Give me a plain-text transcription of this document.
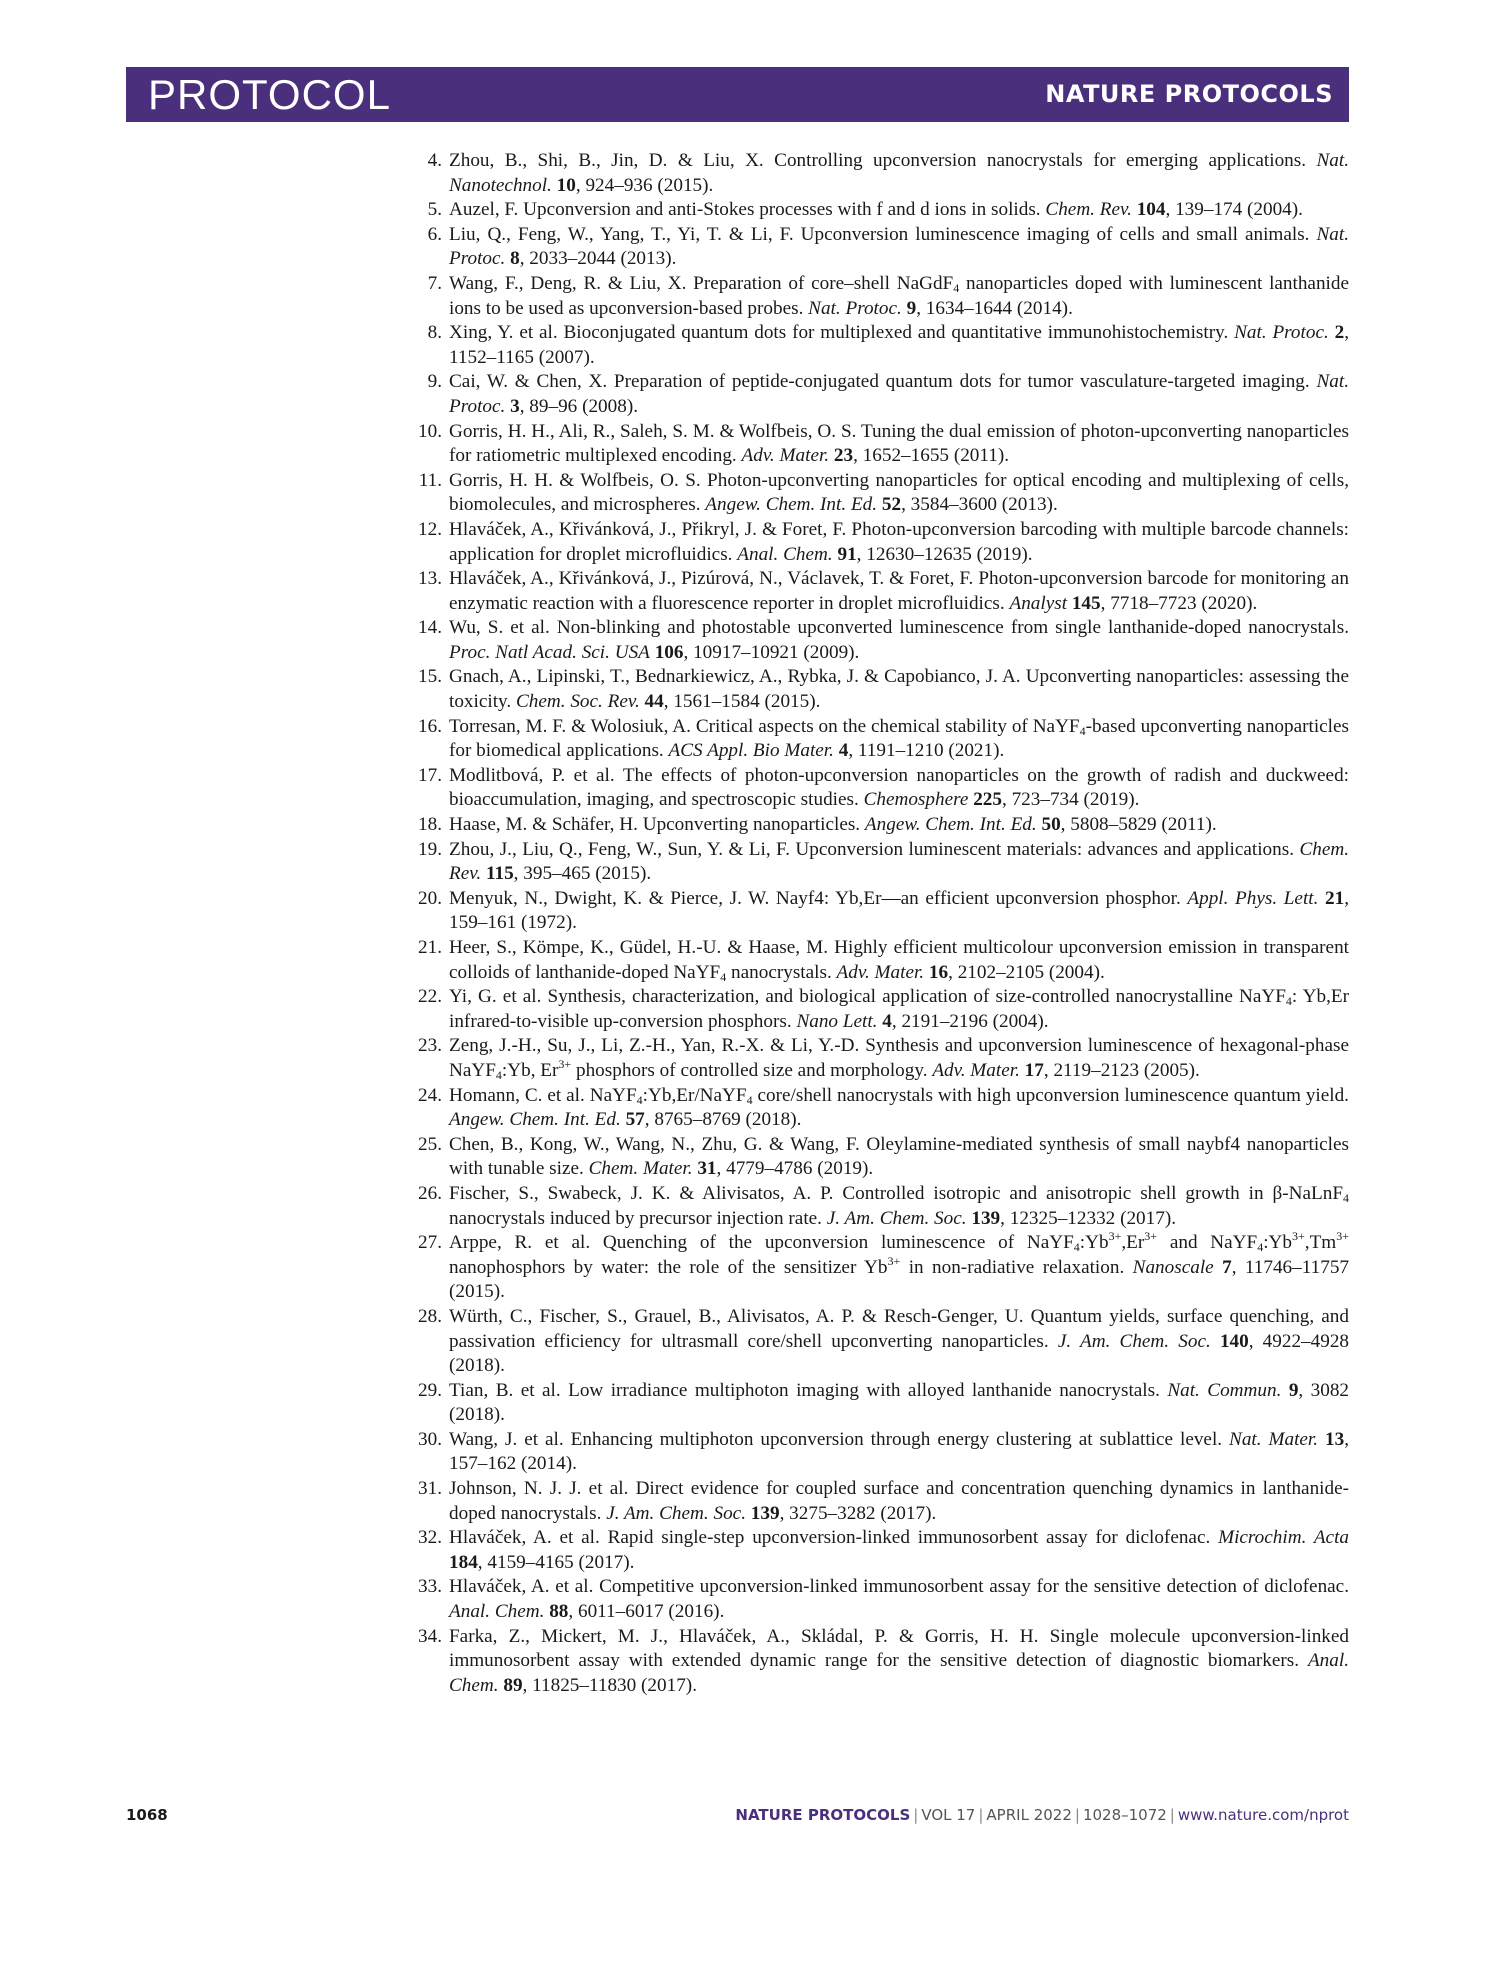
PROTOCOL	NATURE PROTOCOLS
4. Zhou, B., Shi, B., Jin, D. & Liu, X. Controlling upconversion nanocrystals for emerging applications. Nat. Nanotechnol. 10, 924–936 (2015).
5. Auzel, F. Upconversion and anti-Stokes processes with f and d ions in solids. Chem. Rev. 104, 139–174 (2004).
6. Liu, Q., Feng, W., Yang, T., Yi, T. & Li, F. Upconversion luminescence imaging of cells and small animals. Nat. Protoc. 8, 2033–2044 (2013).
7. Wang, F., Deng, R. & Liu, X. Preparation of core–shell NaGdF$_4$ nanoparticles doped with luminescent lanthanide ions to be used as upconversion-based probes. Nat. Protoc. 9, 1634–1644 (2014).
8. Xing, Y. et al. Bioconjugated quantum dots for multiplexed and quantitative immunohistochemistry. Nat. Protoc. 2, 1152–1165 (2007).
9. Cai, W. & Chen, X. Preparation of peptide-conjugated quantum dots for tumor vasculature-targeted imaging. Nat. Protoc. 3, 89–96 (2008).
10. Gorris, H. H., Ali, R., Saleh, S. M. & Wolfbeis, O. S. Tuning the dual emission of photon-upconverting nanoparticles for ratiometric multiplexed encoding. Adv. Mater. 23, 1652–1655 (2011).
11. Gorris, H. H. & Wolfbeis, O. S. Photon-upconverting nanoparticles for optical encoding and multiplexing of cells, biomolecules, and microspheres. Angew. Chem. Int. Ed. 52, 3584–3600 (2013).
12. Hlaváček, A., Křivánková, J., Přikryl, J. & Foret, F. Photon-upconversion barcoding with multiple barcode channels: application for droplet microfluidics. Anal. Chem. 91, 12630–12635 (2019).
13. Hlaváček, A., Křivánková, J., Pizúrová, N., Václavek, T. & Foret, F. Photon-upconversion barcode for monitoring an enzymatic reaction with a fluorescence reporter in droplet microfluidics. Analyst 145, 7718–7723 (2020).
14. Wu, S. et al. Non-blinking and photostable upconverted luminescence from single lanthanide-doped nanocrystals. Proc. Natl Acad. Sci. USA 106, 10917–10921 (2009).
15. Gnach, A., Lipinski, T., Bednarkiewicz, A., Rybka, J. & Capobianco, J. A. Upconverting nanoparticles: assessing the toxicity. Chem. Soc. Rev. 44, 1561–1584 (2015).
16. Torresan, M. F. & Wolosiuk, A. Critical aspects on the chemical stability of NaYF$_4$-based upconverting nanoparticles for biomedical applications. ACS Appl. Bio Mater. 4, 1191–1210 (2021).
17. Modlitbová, P. et al. The effects of photon-upconversion nanoparticles on the growth of radish and duckweed: bioaccumulation, imaging, and spectroscopic studies. Chemosphere 225, 723–734 (2019).
18. Haase, M. & Schäfer, H. Upconverting nanoparticles. Angew. Chem. Int. Ed. 50, 5808–5829 (2011).
19. Zhou, J., Liu, Q., Feng, W., Sun, Y. & Li, F. Upconversion luminescent materials: advances and applications. Chem. Rev. 115, 395–465 (2015).
20. Menyuk, N., Dwight, K. & Pierce, J. W. Nayf4: Yb,Er—an efficient upconversion phosphor. Appl. Phys. Lett. 21, 159–161 (1972).
21. Heer, S., Kömpe, K., Güdel, H.-U. & Haase, M. Highly efficient multicolour upconversion emission in transparent colloids of lanthanide-doped NaYF$_4$ nanocrystals. Adv. Mater. 16, 2102–2105 (2004).
22. Yi, G. et al. Synthesis, characterization, and biological application of size-controlled nanocrystalline NaYF$_4$: Yb,Er infrared-to-visible up-conversion phosphors. Nano Lett. 4, 2191–2196 (2004).
23. Zeng, J.-H., Su, J., Li, Z.-H., Yan, R.-X. & Li, Y.-D. Synthesis and upconversion luminescence of hexagonal-phase NaYF$_4$:Yb, $Er^{3+}$ phosphors of controlled size and morphology. Adv. Mater. 17, 2119–2123 (2005).
24. Homann, C. et al. NaYF$_4$:Yb,Er/NaYF$_4$ core/shell nanocrystals with high upconversion luminescence quantum yield. Angew. Chem. Int. Ed. 57, 8765–8769 (2018).
25. Chen, B., Kong, W., Wang, N., Zhu, G. & Wang, F. Oleylamine-mediated synthesis of small naybf4 nanoparticles with tunable size. Chem. Mater. 31, 4779–4786 (2019).
26. Fischer, S., Swabeck, J. K. & Alivisatos, A. P. Controlled isotropic and anisotropic shell growth in β-NaLnF$_4$ nanocrystals induced by precursor injection rate. J. Am. Chem. Soc. 139, 12325–12332 (2017).
27. Arppe, R. et al. Quenching of the upconversion luminescence of $NaYF_4:Yb^{3+},Er^{3+}$ and $NaYF_4:Yb^{3+},Tm^{3+}$ nanophosphors by water: the role of the sensitizer $Yb^{3+}$ in non-radiative relaxation. Nanoscale 7, 11746–11757 (2015).
28. Würth, C., Fischer, S., Grauel, B., Alivisatos, A. P. & Resch-Genger, U. Quantum yields, surface quenching, and passivation efficiency for ultrasmall core/shell upconverting nanoparticles. J. Am. Chem. Soc. 140, 4922–4928 (2018).
29. Tian, B. et al. Low irradiance multiphoton imaging with alloyed lanthanide nanocrystals. Nat. Commun. 9, 3082 (2018).
30. Wang, J. et al. Enhancing multiphoton upconversion through energy clustering at sublattice level. Nat. Mater. 13, 157–162 (2014).
31. Johnson, N. J. J. et al. Direct evidence for coupled surface and concentration quenching dynamics in lanthanide-doped nanocrystals. J. Am. Chem. Soc. 139, 3275–3282 (2017).
32. Hlaváček, A. et al. Rapid single-step upconversion-linked immunosorbent assay for diclofenac. Microchim. Acta 184, 4159–4165 (2017).
33. Hlaváček, A. et al. Competitive upconversion-linked immunosorbent assay for the sensitive detection of diclofenac. Anal. Chem. 88, 6011–6017 (2016).
34. Farka, Z., Mickert, M. J., Hlaváček, A., Skládal, P. & Gorris, H. H. Single molecule upconversion-linked immunosorbent assay with extended dynamic range for the sensitive detection of diagnostic biomarkers. Anal. Chem. 89, 11825–11830 (2017).
1068	NATURE PROTOCOLS | VOL 17 | APRIL 2022 | 1028–1072 | www.nature.com/nprot
